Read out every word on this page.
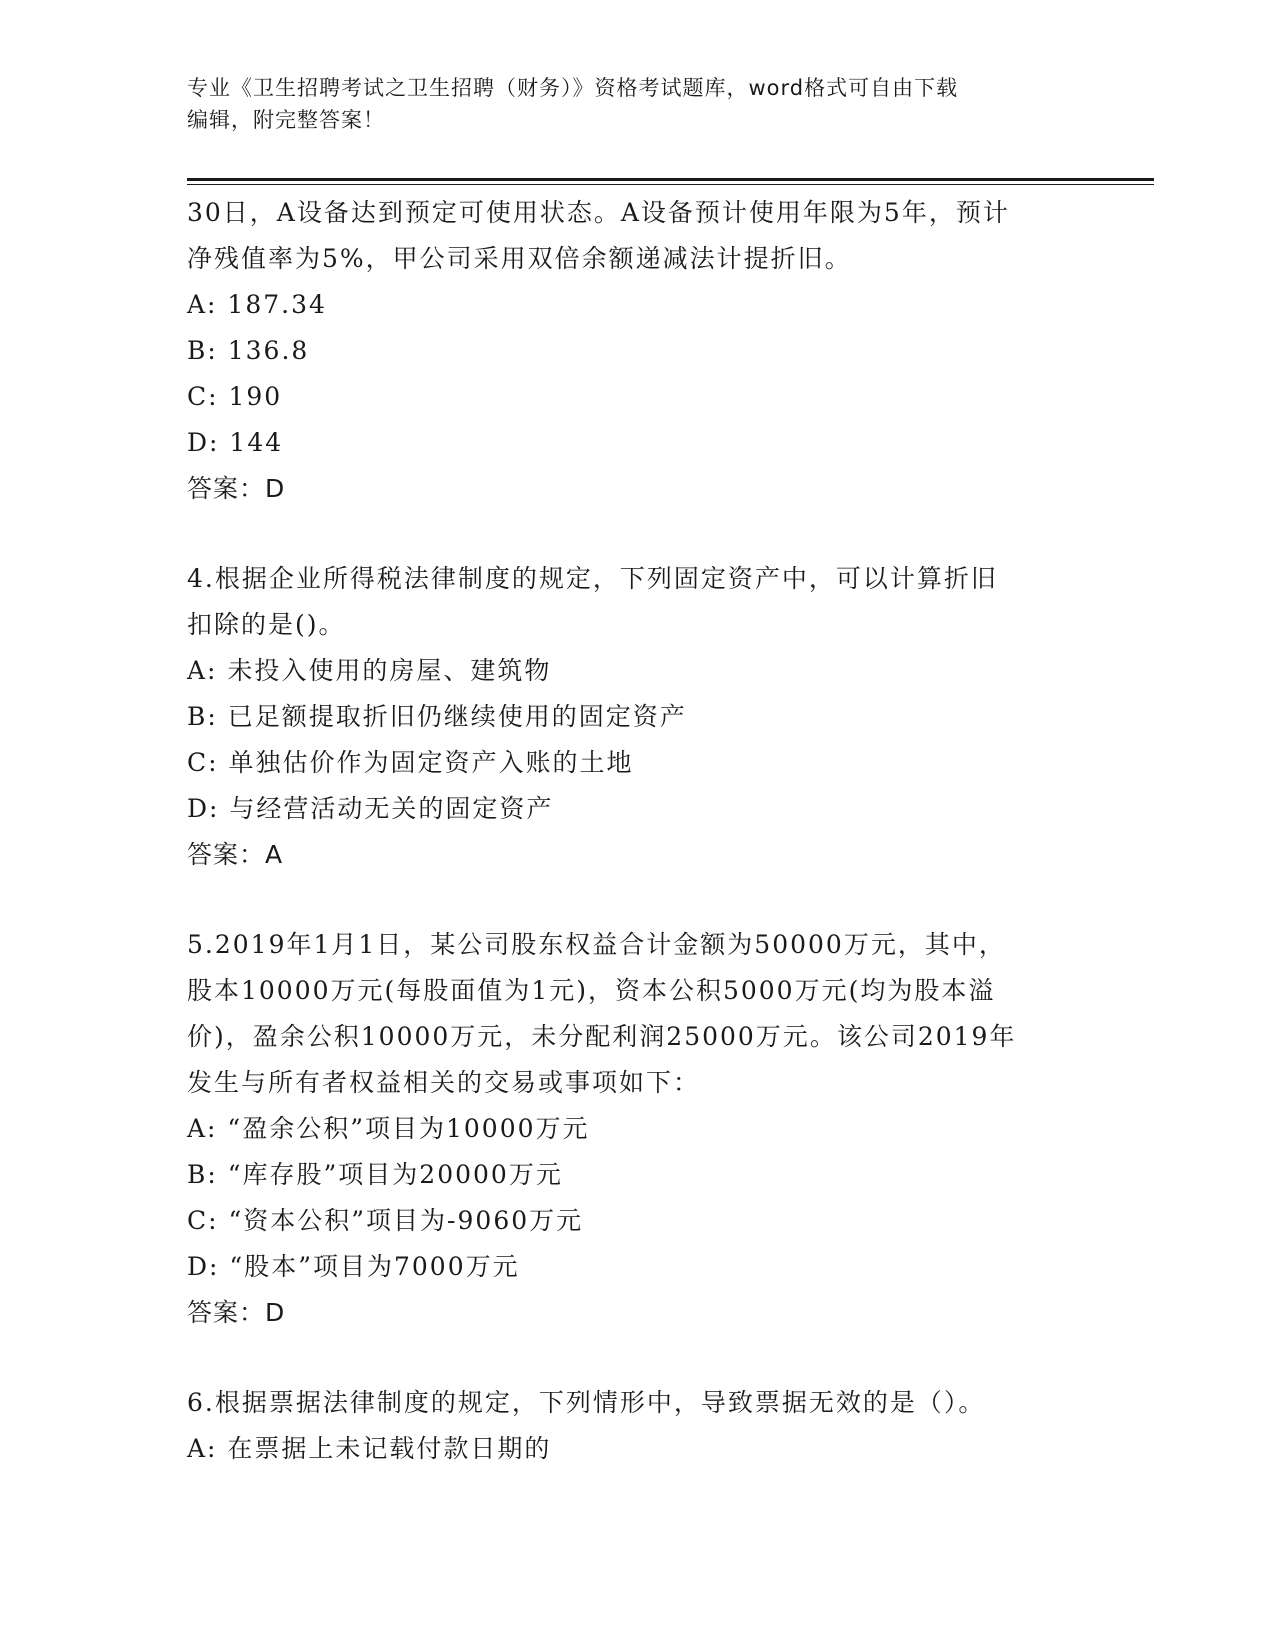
专业《卫生招聘考试之卫生招聘（财务）》资格考试题库，word格式可自由下载
编辑，附完整答案！
30日，A设备达到预定可使用状态。A设备预计使用年限为5年，预计
净残值率为5%，甲公司采用双倍余额递减法计提折旧。
A: 187.34
B: 136.8
C: 190
D: 144
答案：D
4.根据企业所得税法律制度的规定，下列固定资产中，可以计算折旧
扣除的是()。
A: 未投入使用的房屋、建筑物
B: 已足额提取折旧仍继续使用的固定资产
C: 单独估价作为固定资产入账的土地
D: 与经营活动无关的固定资产
答案：A
5.2019年1月1日，某公司股东权益合计金额为50000万元，其中，
股本10000万元(每股面值为1元)，资本公积5000万元(均为股本溢
价)，盈余公积10000万元，未分配利润25000万元。该公司2019年
发生与所有者权益相关的交易或事项如下：
A: “盈余公积”项目为10000万元
B: “库存股”项目为20000万元
C: “资本公积”项目为-9060万元
D: “股本”项目为7000万元
答案：D
6.根据票据法律制度的规定，下列情形中，导致票据无效的是（）。
A: 在票据上未记载付款日期的
